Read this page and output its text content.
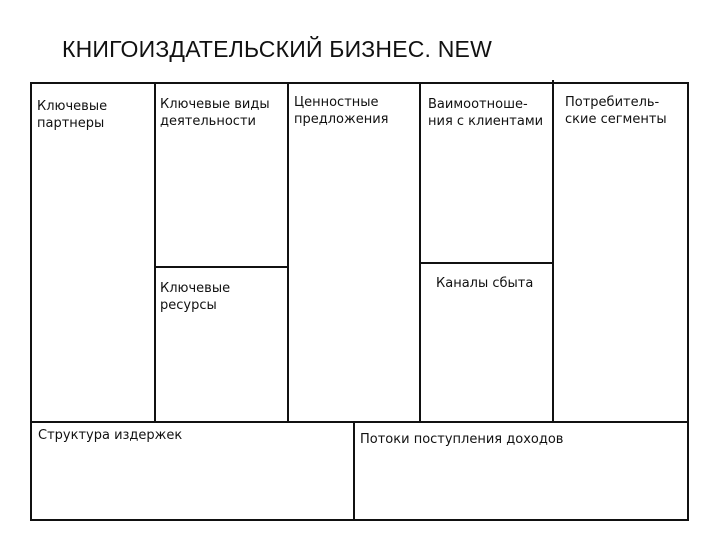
КНИГОИЗДАТЕЛЬСКИЙ БИЗНЕС. NEW
Ключевые
партнеры
Ключевые виды
деятельности
Ключевые
ресурсы
Ценностные
предложения
Ваимоотноше-
ния с клиентами
Каналы сбыта
Потребитель-
ские сегменты
Структура издержек	Потоки поступления доходов
